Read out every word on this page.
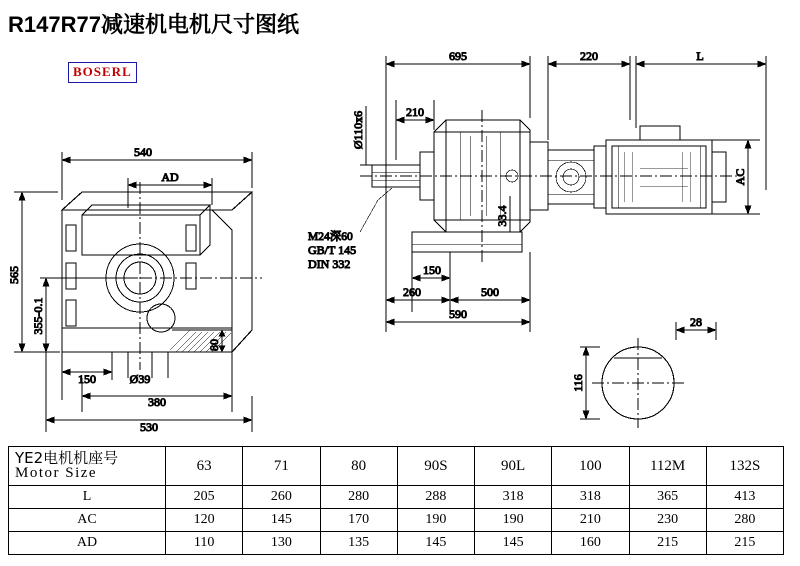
R147R77减速机电机尺寸图纸
BOSERL
540
AD
565
355-0.1
80
150	Ø39
380
530
695	220	L
210
Ø110x6
M24深60
GB/T 145
DIN 332
33.4
150
260	500
590
AC
28
116
YE2电机机座号
Motor Size	63	71	80	90S	90L	100	112M	132S
L	205	260	280	288	318	318	365	413
AC	120	145	170	190	190	210	230	280
AD	110	130	135	145	145	160	215	215
